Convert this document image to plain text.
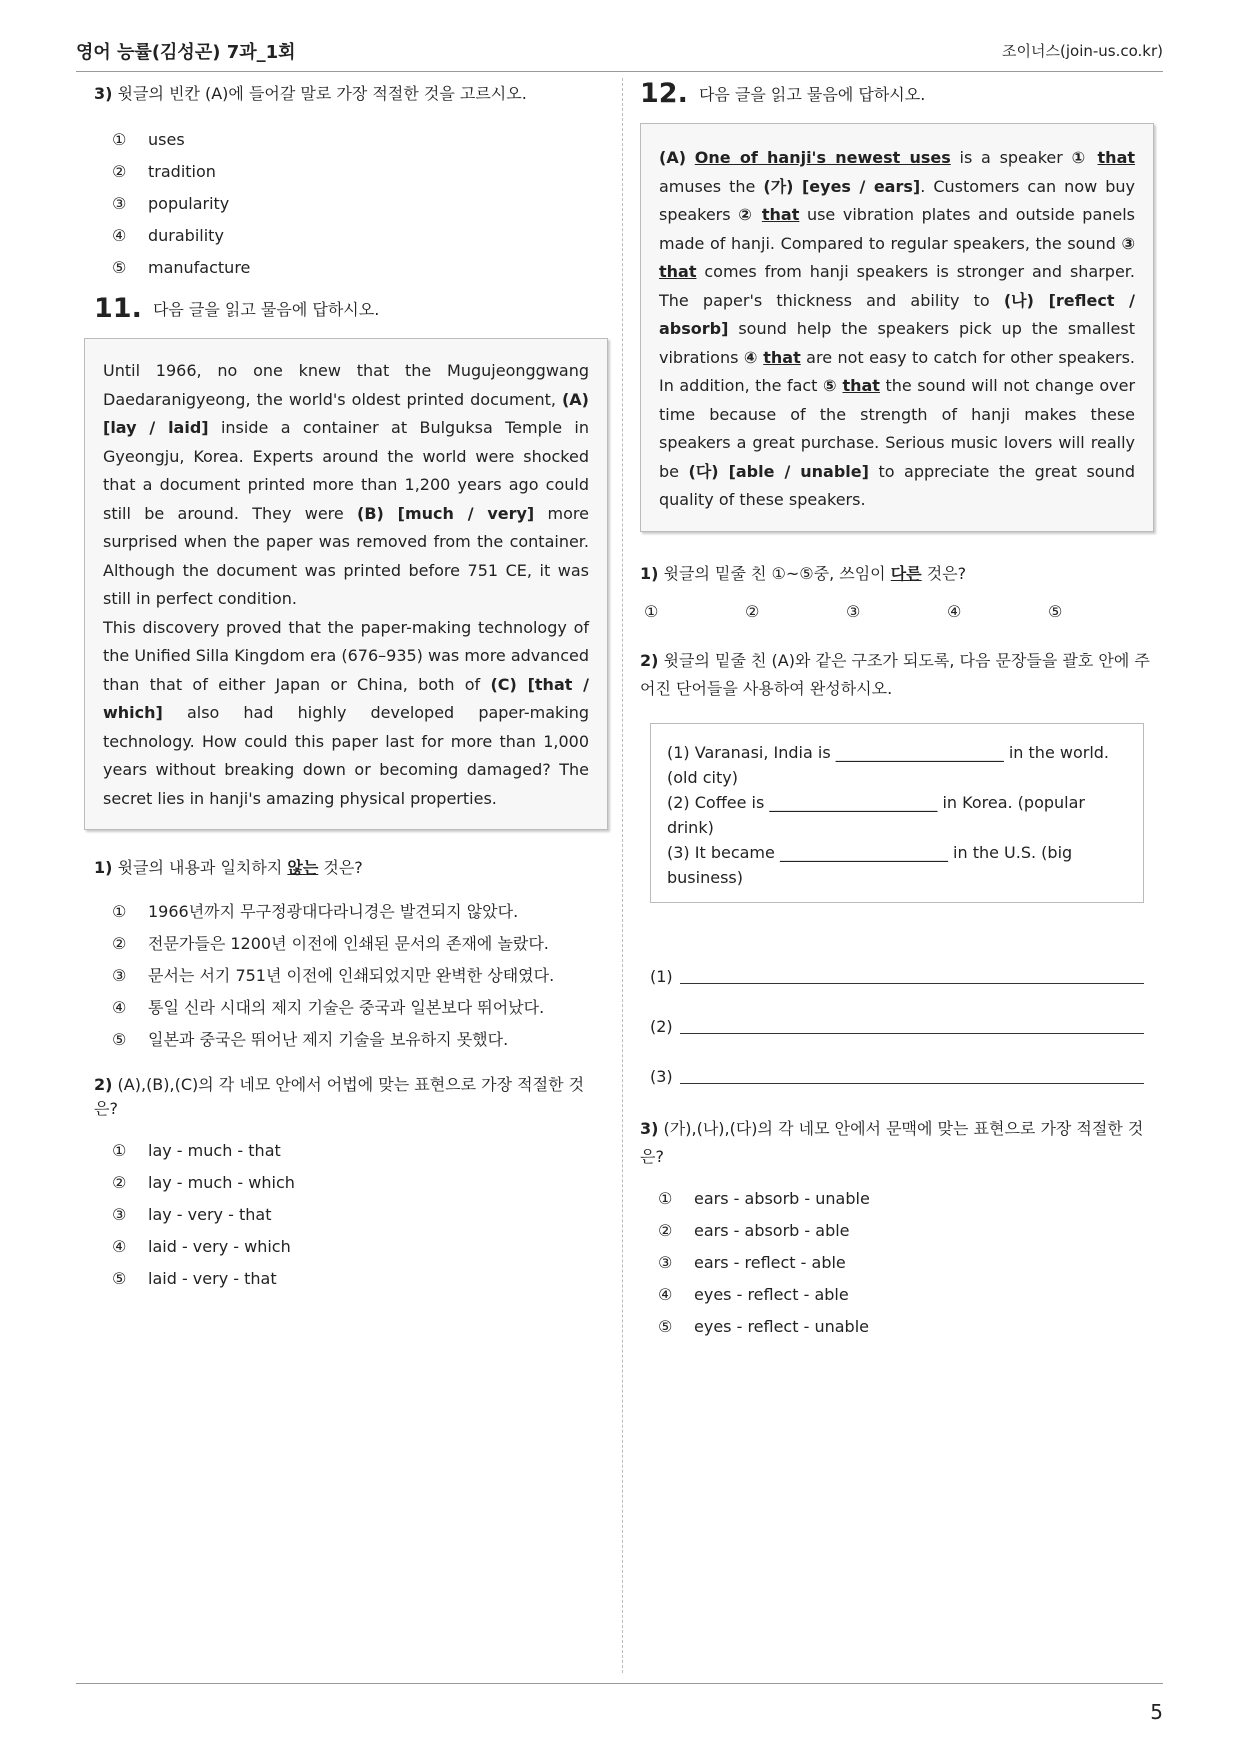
영어 능률(김성곤) 7과_1회	조이너스(join-us.co.kr)
5
3) 윗글의 빈칸 (A)에 들어갈 말로 가장 적절한 것을 고르시오.
①	uses
②	tradition
③	popularity
④	durability
⑤	manufacture
11. 다음 글을 읽고 물음에 답하시오.

Until 1966, no one knew that the Mugujeonggwang Daedaranigyeong, the world's oldest printed document, (A) [lay / laid] inside a container at Bulguksa Temple in Gyeongju, Korea. Experts around the world were shocked that a document printed more than 1,200 years ago could still be around. They were (B) [much / very] more surprised when the paper was removed from the container. Although the document was printed before 751 CE, it was still in perfect condition.

This discovery proved that the paper-making technology of the Unified Silla Kingdom era (676–935) was more advanced than that of either Japan or China, both of (C) [that / which] also had highly developed paper-making technology. How could this paper last for more than 1,000 years without breaking down or becoming damaged? The secret lies in hanji's amazing physical properties.

1) 윗글의 내용과 일치하지 않는 것은?
①	1966년까지 무구정광대다라니경은 발견되지 않았다.
②	전문가들은 1200년 이전에 인쇄된 문서의 존재에 놀랐다.
③	문서는 서기 751년 이전에 인쇄되었지만 완벽한 상태였다.
④	통일 신라 시대의 제지 기술은 중국과 일본보다 뛰어났다.
⑤	일본과 중국은 뛰어난 제지 기술을 보유하지 못했다.
2) (A),(B),(C)의 각 네모 안에서 어법에 맞는 표현으로 가장 적절한 것은?
①	lay - much - that
②	lay - much - which
③	lay - very - that
④	laid - very - which
⑤	laid - very - that
12. 다음 글을 읽고 물음에 답하시오.

(A) One of hanji's newest uses is a speaker ① that amuses the (가) [eyes / ears]. Customers can now buy speakers ② that use vibration plates and outside panels made of hanji. Compared to regular speakers, the sound ③ that comes from hanji speakers is stronger and sharper. The paper's thickness and ability to (나) [reflect / absorb] sound help the speakers pick up the smallest vibrations ④ that are not easy to catch for other speakers. In addition, the fact ⑤ that the sound will not change over time because of the strength of hanji makes these speakers a great purchase. Serious music lovers will really be (다) [able / unable] to appreciate the great sound quality of these speakers.

1) 윗글의 밑줄 친 ①~⑤중, 쓰임이 다른 것은?
①	②	③	④	⑤
2) 윗글의 밑줄 친 (A)와 같은 구조가 되도록, 다음 문장들을 괄호 안에 주어진 단어들을 사용하여 완성하시오.

(1) Varanasi, India is _____________________ in the world. (old city)

(2) Coffee is _____________________ in Korea. (popular drink)

(3) It became _____________________ in the U.S. (big business)

(1)
(2)
(3)
3) (가),(나),(다)의 각 네모 안에서 문맥에 맞는 표현으로 가장 적절한 것은?
①	ears - absorb - unable
②	ears - absorb - able
③	ears - reflect - able
④	eyes - reflect - able
⑤	eyes - reflect - unable
